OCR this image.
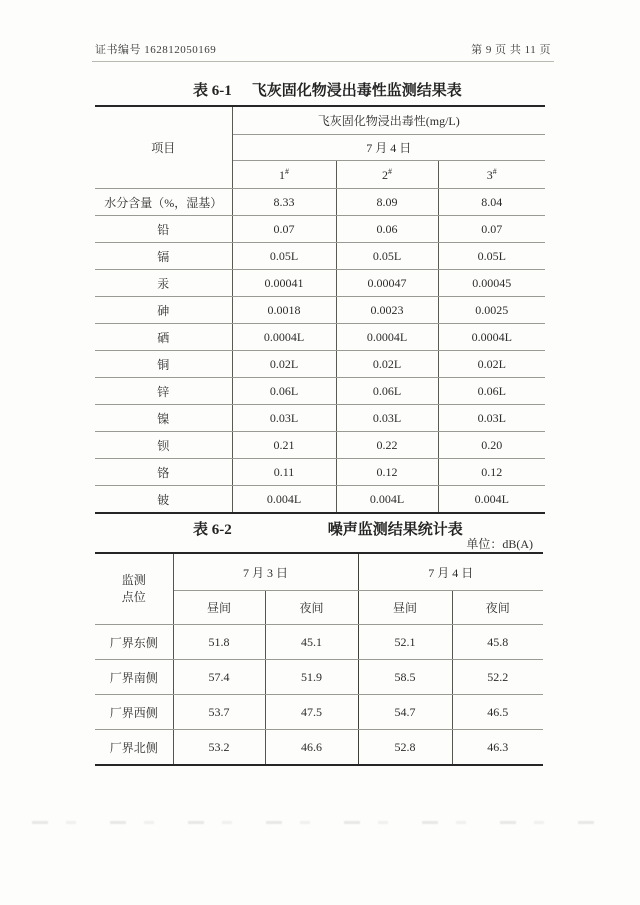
证书编号 162812050169	第 9 页 共 11 页
表 6-1 飞灰固化物浸出毒性监测结果表
项目	飞灰固化物浸出毒性(mg/L)		
	7 月 4 日		
	1#	2#	3#
水分含量（%，湿基）	8.33	8.09	8.04
铅	0.07	0.06	0.07
镉	0.05L	0.05L	0.05L
汞	0.00041	0.00047	0.00045
砷	0.0018	0.0023	0.0025
硒	0.0004L	0.0004L	0.0004L
铜	0.02L	0.02L	0.02L
锌	0.06L	0.06L	0.06L
镍	0.03L	0.03L	0.03L
钡	0.21	0.22	0.20
铬	0.11	0.12	0.12
铍	0.004L	0.004L	0.004L
表 6-2	噪声监测结果统计表
单位：dB(A)
监测
点位	7 月 3 日		7 月 4 日	
	昼间	夜间	昼间	夜间
厂界东侧	51.8	45.1	52.1	45.8
厂界南侧	57.4	51.9	58.5	52.2
厂界西侧	53.7	47.5	54.7	46.5
厂界北侧	53.2	46.6	52.8	46.3
